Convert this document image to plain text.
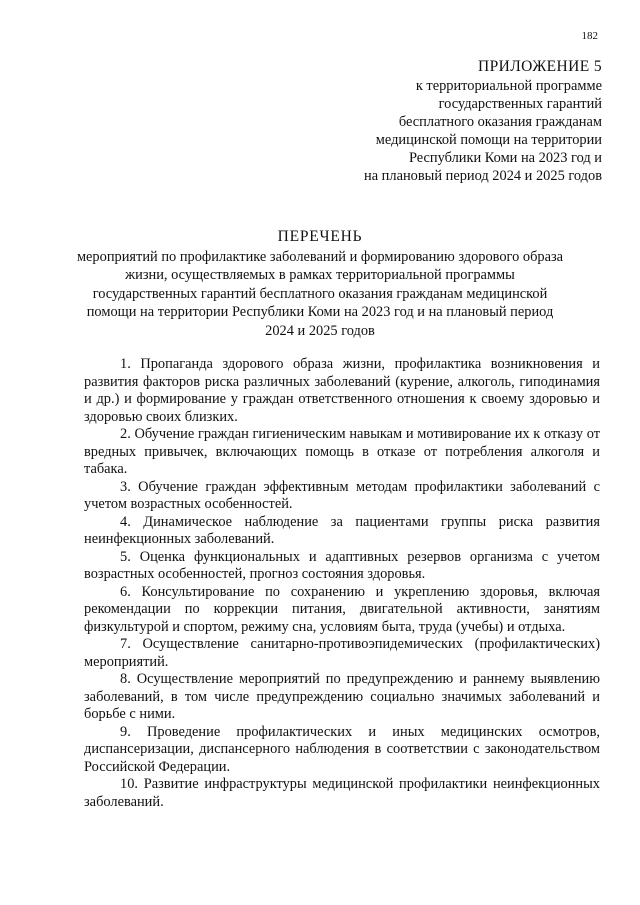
182
ПРИЛОЖЕНИЕ 5
к территориальной программе
государственных гарантий
бесплатного оказания гражданам
медицинской помощи на территории
Республики Коми на 2023 год и
на плановый период 2024 и 2025 годов
ПЕРЕЧЕНЬ
мероприятий по профилактике заболеваний и формированию здорового образа
жизни, осуществляемых в рамках территориальной программы
государственных гарантий бесплатного оказания гражданам медицинской
помощи на территории Республики Коми на 2023 год и на плановый период
2024 и 2025 годов

1. Пропаганда здорового образа жизни, профилактика возникновения и развития факторов риска различных заболеваний (курение, алкоголь, гиподинамия и др.) и формирование у граждан ответственного отношения к своему здоровью и здоровью своих близких.

2. Обучение граждан гигиеническим навыкам и мотивирование их к отказу от вредных привычек, включающих помощь в отказе от потребления алкоголя и табака.

3. Обучение граждан эффективным методам профилактики заболеваний с учетом возрастных особенностей.

4. Динамическое наблюдение за пациентами группы риска развития неинфекционных заболеваний.

5. Оценка функциональных и адаптивных резервов организма с учетом возрастных особенностей, прогноз состояния здоровья.

6. Консультирование по сохранению и укреплению здоровья, включая рекомендации по коррекции питания, двигательной активности, занятиям физкультурой и спортом, режиму сна, условиям быта, труда (учебы) и отдыха.

7. Осуществление санитарно-противоэпидемических (профилактических) мероприятий.

8. Осуществление мероприятий по предупреждению и раннему выявлению заболеваний, в том числе предупреждению социально значимых заболеваний и борьбе с ними.

9. Проведение профилактических и иных медицинских осмотров, диспансеризации, диспансерного наблюдения в соответствии с законодательством Российской Федерации.

10. Развитие инфраструктуры медицинской профилактики неинфекционных заболеваний.
